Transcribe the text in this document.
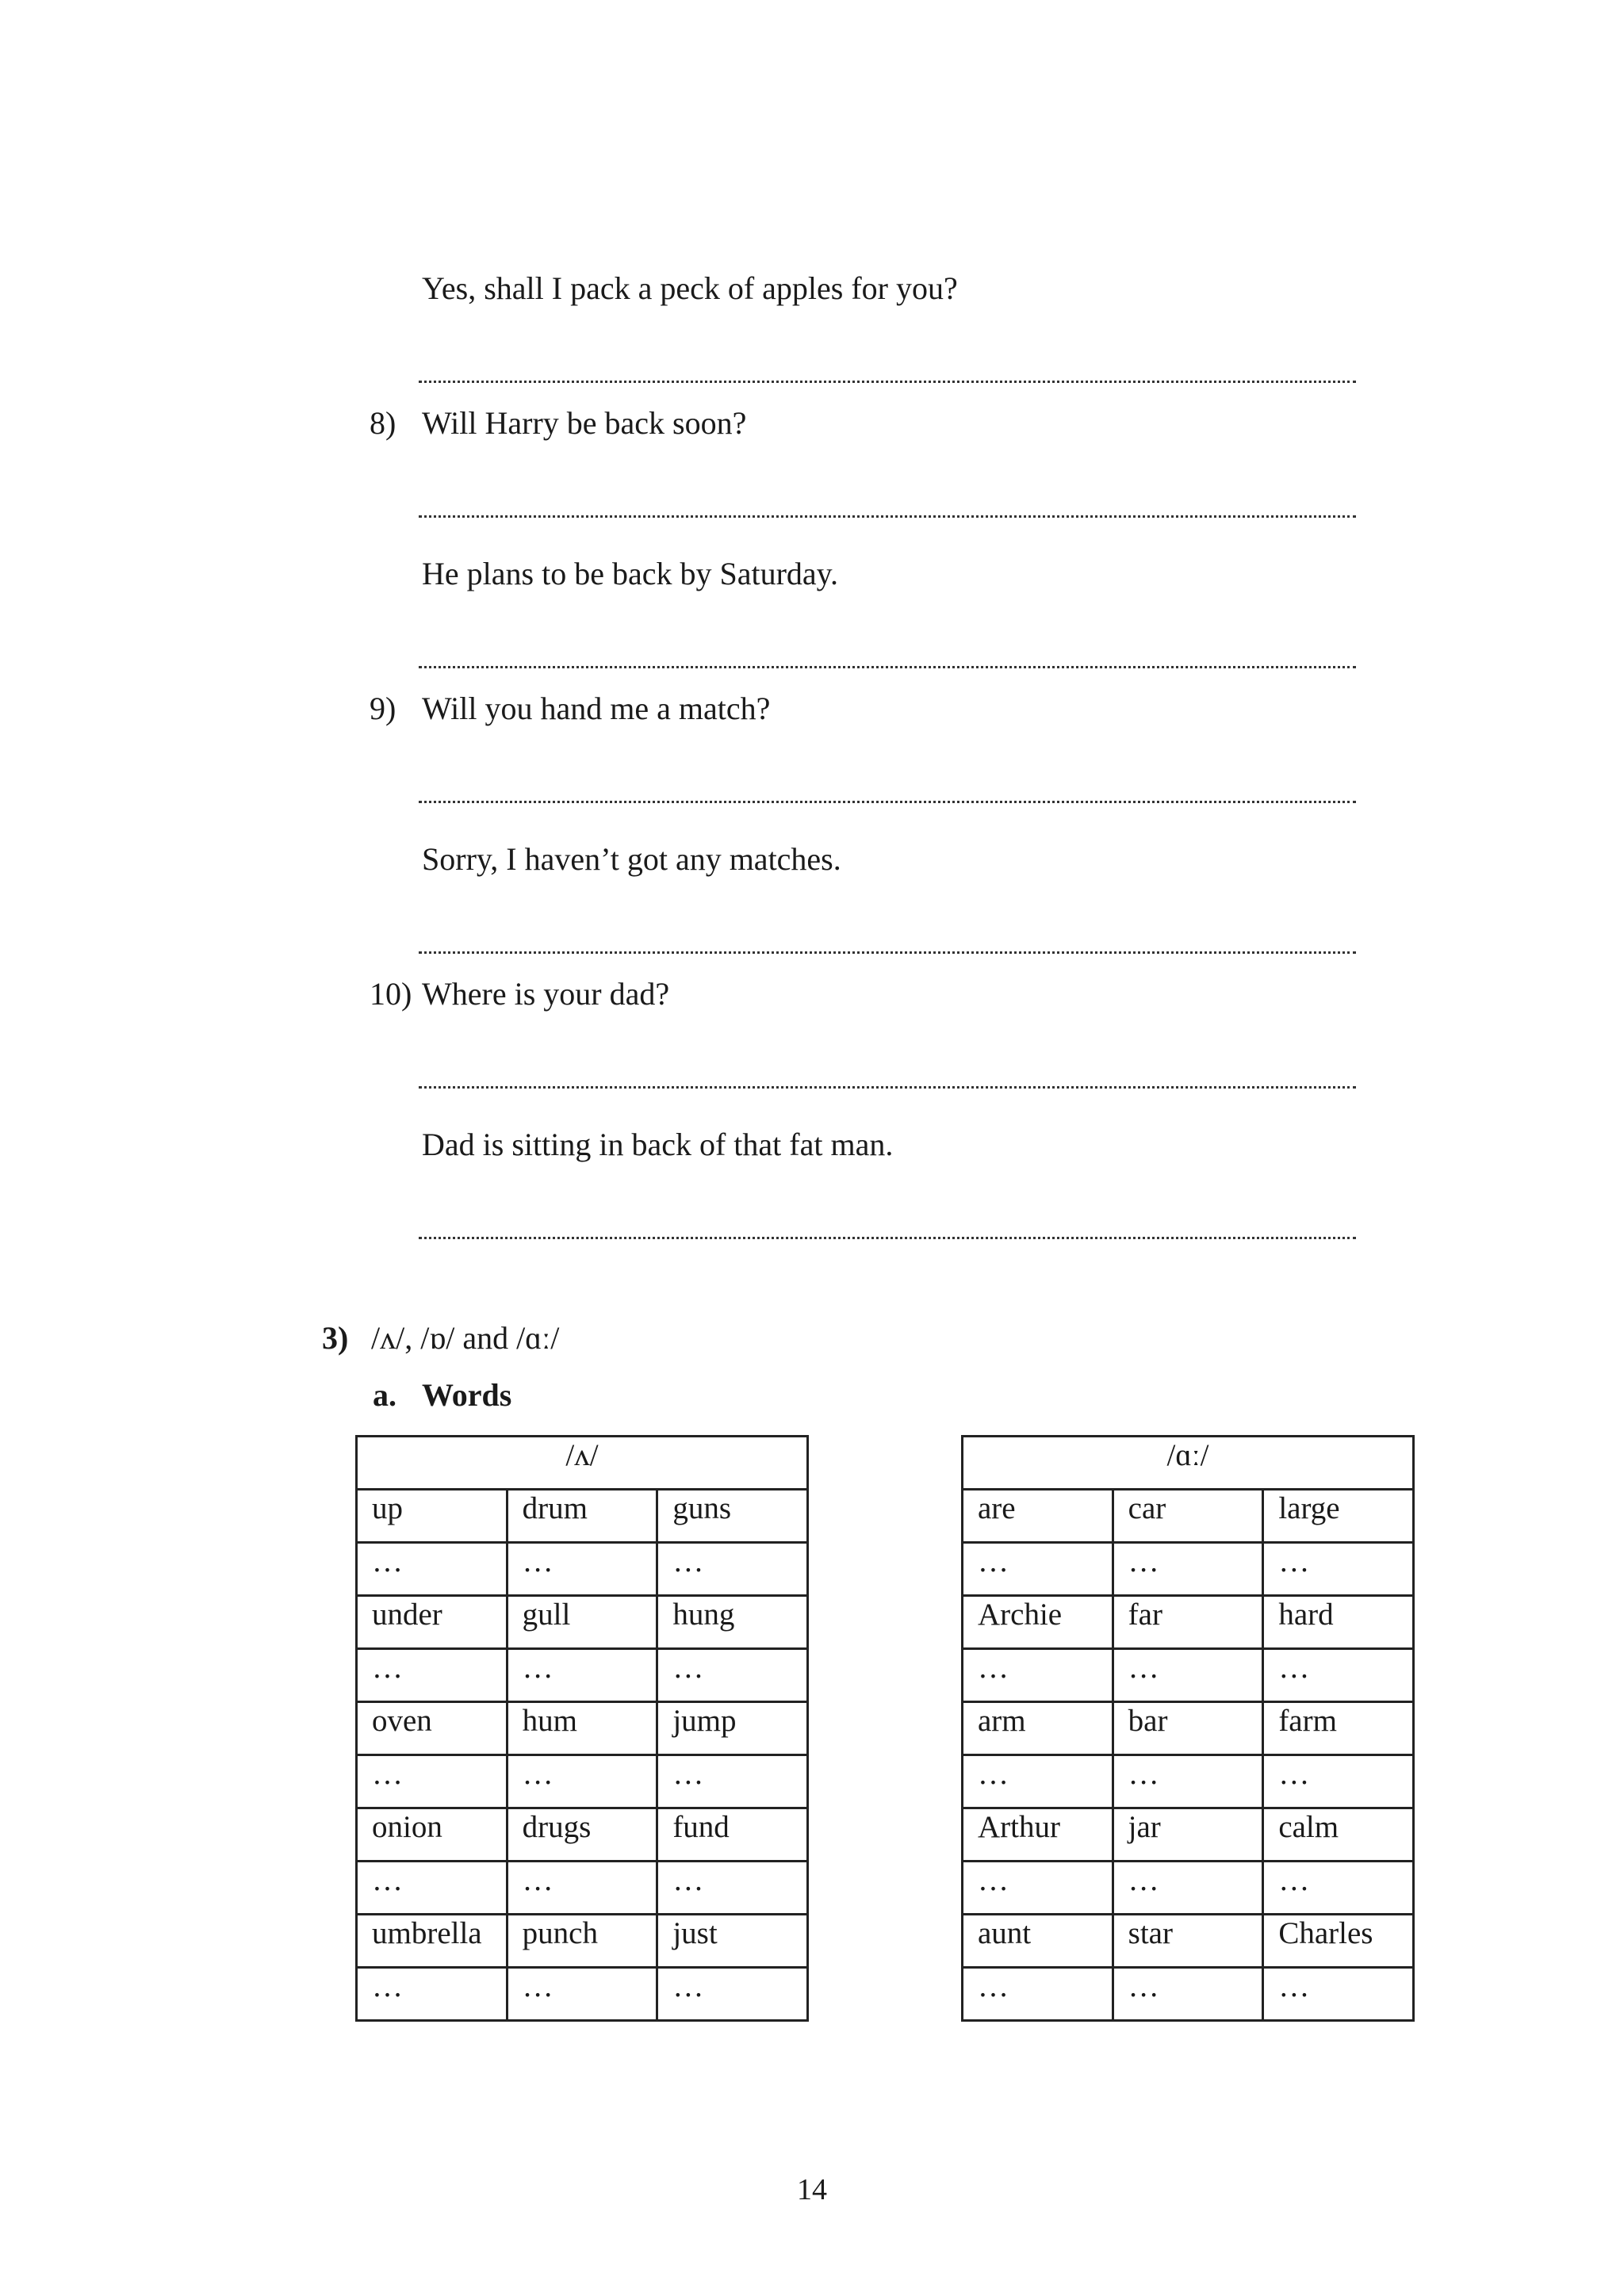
Yes, shall I pack a peck of apples for you?
8) Will Harry be back soon?
He plans to be back by Saturday.
9) Will you hand me a match?
Sorry, I haven’t got any matches.
10) Where is your dad?
Dad is sitting in back of that fat man.
3) /ʌ/, /ɒ/ and /ɑː/
a. Words
/ʌ/		
up	drum	guns
…	…	…
under	gull	hung
…	…	…
oven	hum	jump
…	…	…
onion	drugs	fund
…	…	…
umbrella	punch	just
…	…	…
/ɑː/		
are	car	large
…	…	…
Archie	far	hard
…	…	…
arm	bar	farm
…	…	…
Arthur	jar	calm
…	…	…
aunt	star	Charles
…	…	…
14
